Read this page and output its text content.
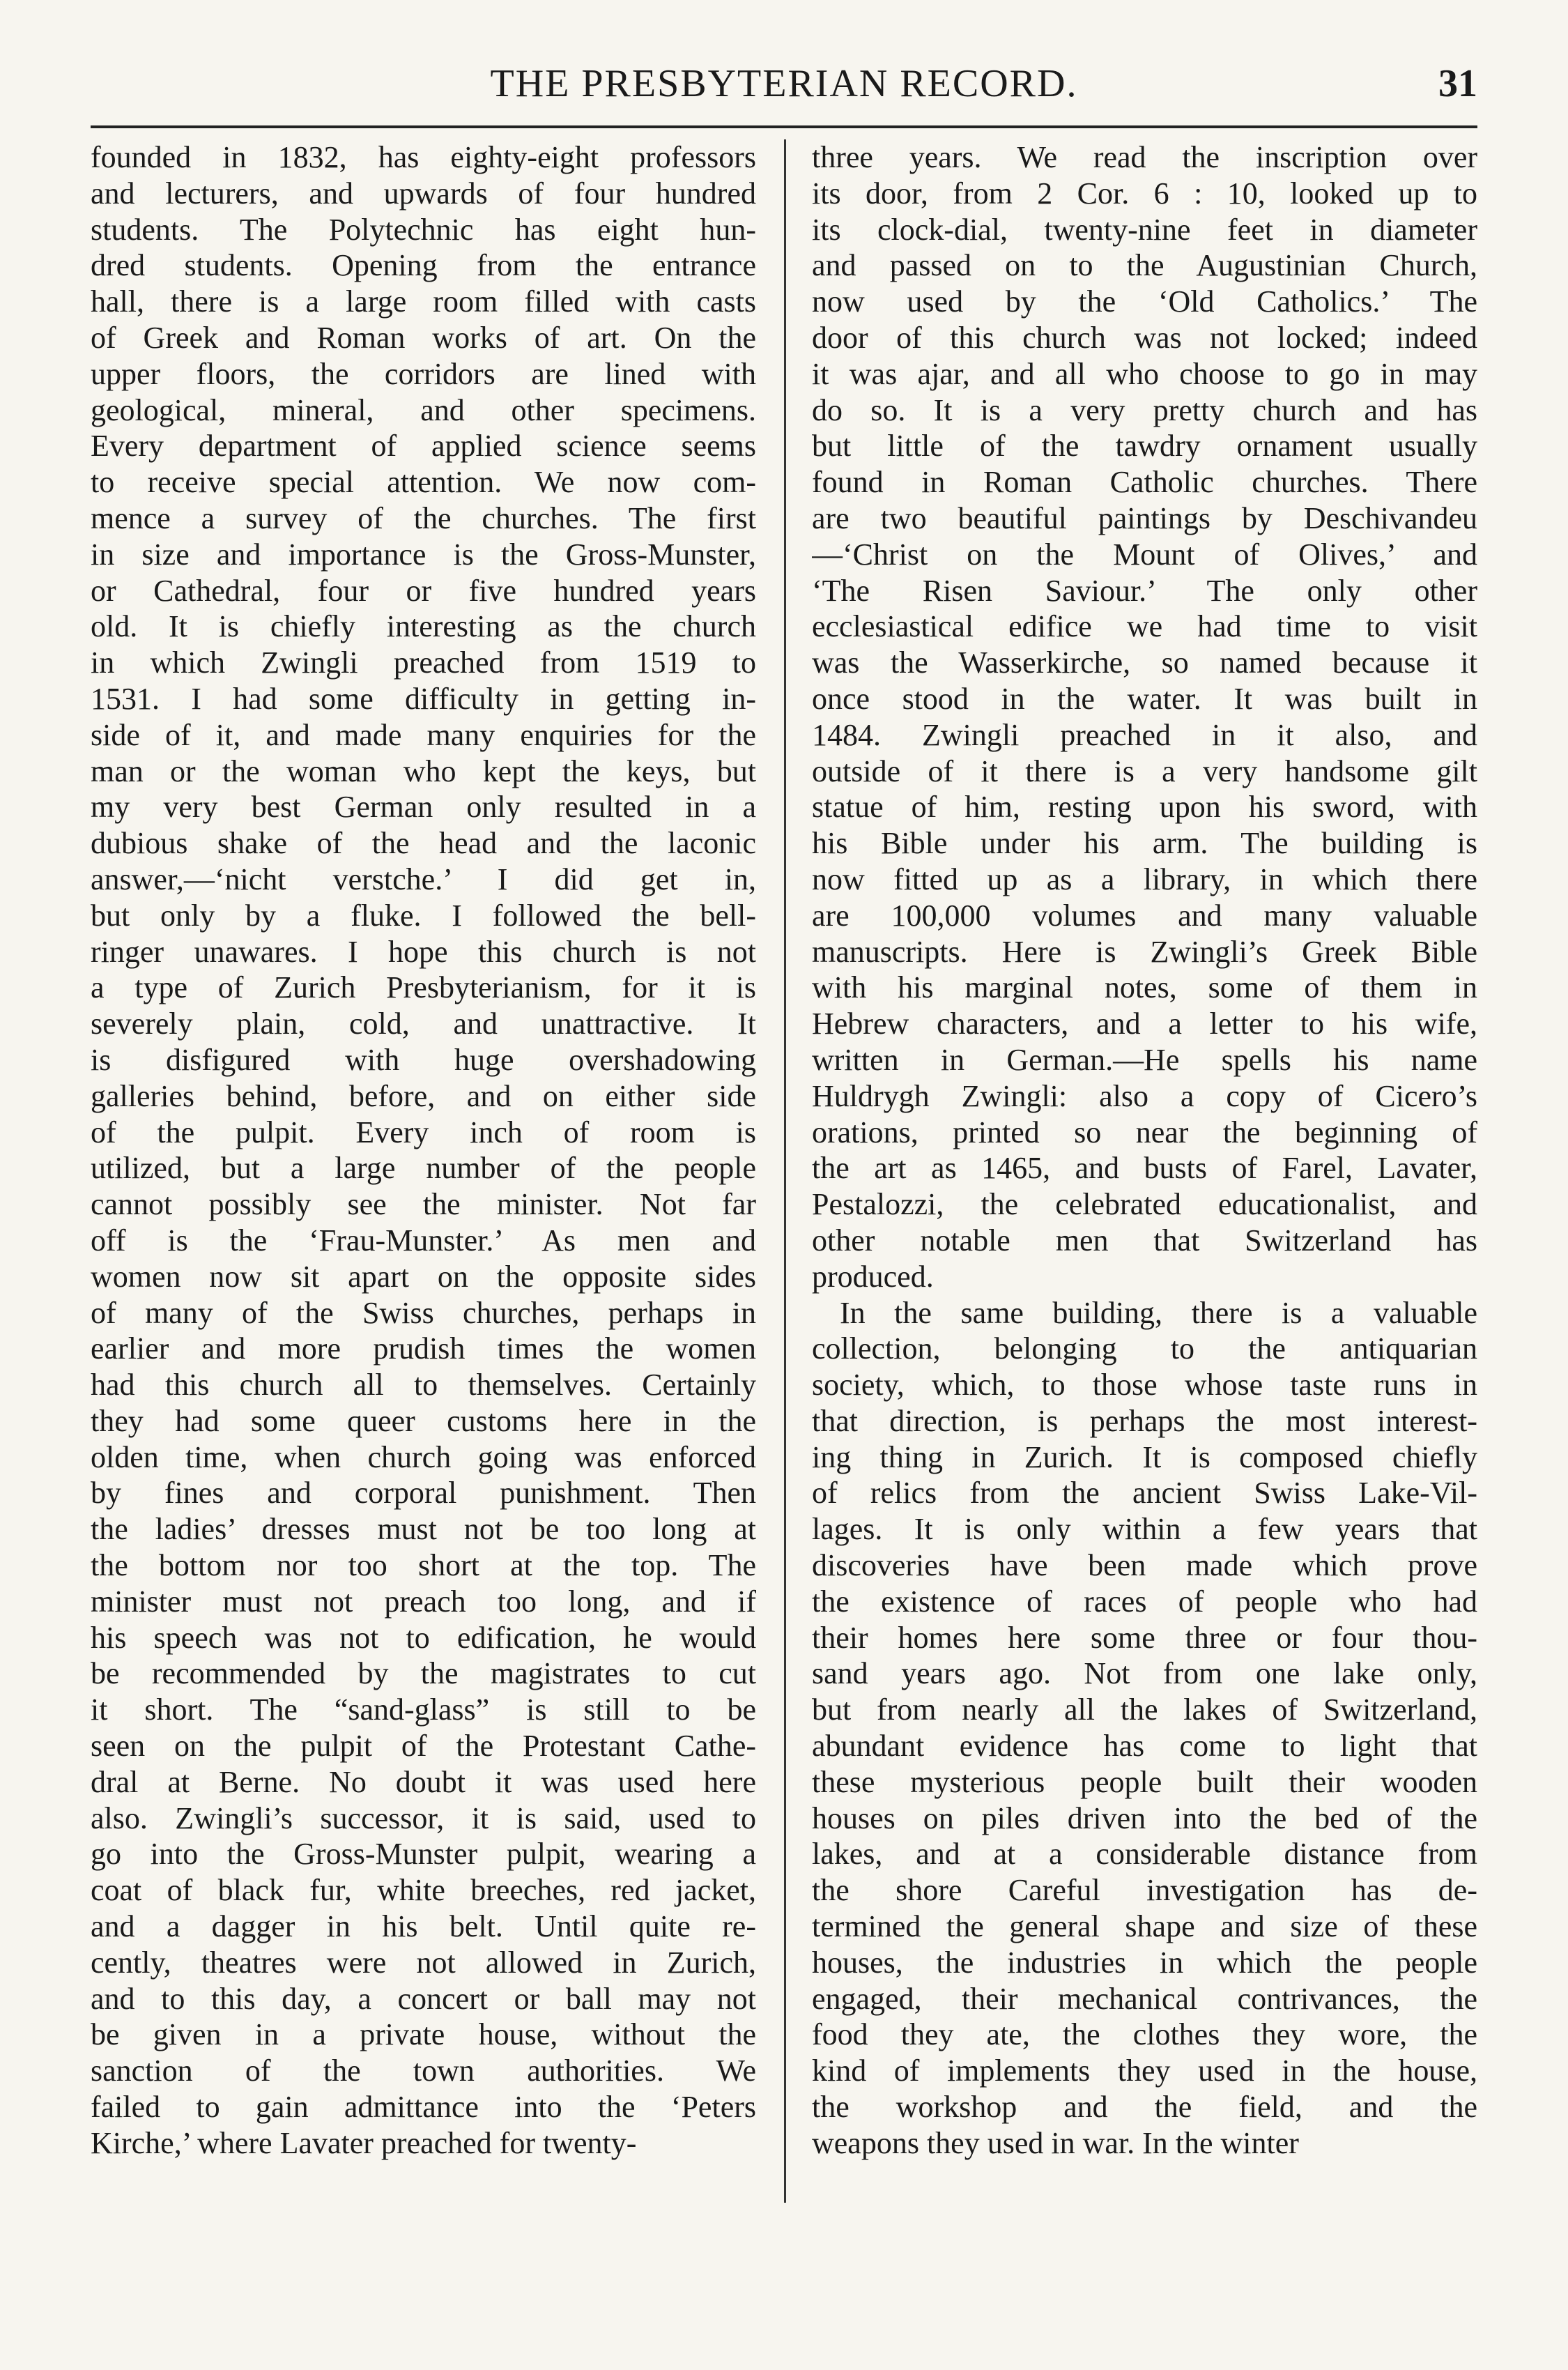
THE PRESBYTERIAN RECORD.	31
founded in 1832, has eighty-eight professors
and lecturers, and upwards of four hundred
students. The Polytechnic has eight hun-
dred students. Opening from the entrance
hall, there is a large room filled with casts
of Greek and Roman works of art. On the
upper floors, the corridors are lined with
geological, mineral, and other specimens.
Every department of applied science seems
to receive special attention. We now com-
mence a survey of the churches. The first
in size and importance is the Gross-Munster,
or Cathedral, four or five hundred years
old. It is chiefly interesting as the church
in which Zwingli preached from 1519 to
1531. I had some difficulty in getting in-
side of it, and made many enquiries for the
man or the woman who kept the keys, but
my very best German only resulted in a
dubious shake of the head and the laconic
answer,—‘nicht verstche.’ I did get in,
but only by a fluke. I followed the bell-
ringer unawares. I hope this church is not
a type of Zurich Presbyterianism, for it is
severely plain, cold, and unattractive. It
is disfigured with huge overshadowing
galleries behind, before, and on either side
of the pulpit. Every inch of room is
utilized, but a large number of the people
cannot possibly see the minister. Not far
off is the ‘Frau-Munster.’ As men and
women now sit apart on the opposite sides
of many of the Swiss churches, perhaps in
earlier and more prudish times the women
had this church all to themselves. Certainly
they had some queer customs here in the
olden time, when church going was enforced
by fines and corporal punishment. Then
the ladies’ dresses must not be too long at
the bottom nor too short at the top. The
minister must not preach too long, and if
his speech was not to edification, he would
be recommended by the magistrates to cut
it short. The “sand-glass” is still to be
seen on the pulpit of the Protestant Cathe-
dral at Berne. No doubt it was used here
also. Zwingli’s successor, it is said, used to
go into the Gross-Munster pulpit, wearing a
coat of black fur, white breeches, red jacket,
and a dagger in his belt. Until quite re-
cently, theatres were not allowed in Zurich,
and to this day, a concert or ball may not
be given in a private house, without the
sanction of the town authorities. We
failed to gain admittance into the ‘Peters
Kirche,’ where Lavater preached for twenty-
three years. We read the inscription over
its door, from 2 Cor. 6 : 10, looked up to
its clock-dial, twenty-nine feet in diameter
and passed on to the Augustinian Church,
now used by the ‘Old Catholics.’ The
door of this church was not locked; indeed
it was ajar, and all who choose to go in may
do so. It is a very pretty church and has
but little of the tawdry ornament usually
found in Roman Catholic churches. There
are two beautiful paintings by Deschivandeu
—‘Christ on the Mount of Olives,’ and
‘The Risen Saviour.’ The only other
ecclesiastical edifice we had time to visit
was the Wasserkirche, so named because it
once stood in the water. It was built in
1484. Zwingli preached in it also, and
outside of it there is a very handsome gilt
statue of him, resting upon his sword, with
his Bible under his arm. The building is
now fitted up as a library, in which there
are 100,000 volumes and many valuable
manuscripts. Here is Zwingli’s Greek Bible
with his marginal notes, some of them in
Hebrew characters, and a letter to his wife,
written in German.—He spells his name
Huldrygh Zwingli: also a copy of Cicero’s
orations, printed so near the beginning of
the art as 1465, and busts of Farel, Lavater,
Pestalozzi, the celebrated educationalist, and
other notable men that Switzerland has
produced.
In the same building, there is a valuable
collection, belonging to the antiquarian
society, which, to those whose taste runs in
that direction, is perhaps the most interest-
ing thing in Zurich. It is composed chiefly
of relics from the ancient Swiss Lake-Vil-
lages. It is only within a few years that
discoveries have been made which prove
the existence of races of people who had
their homes here some three or four thou-
sand years ago. Not from one lake only,
but from nearly all the lakes of Switzerland,
abundant evidence has come to light that
these mysterious people built their wooden
houses on piles driven into the bed of the
lakes, and at a considerable distance from
the shore Careful investigation has de-
termined the general shape and size of these
houses, the industries in which the people
engaged, their mechanical contrivances, the
food they ate, the clothes they wore, the
kind of implements they used in the house,
the workshop and the field, and the
weapons they used in war. In the winter
